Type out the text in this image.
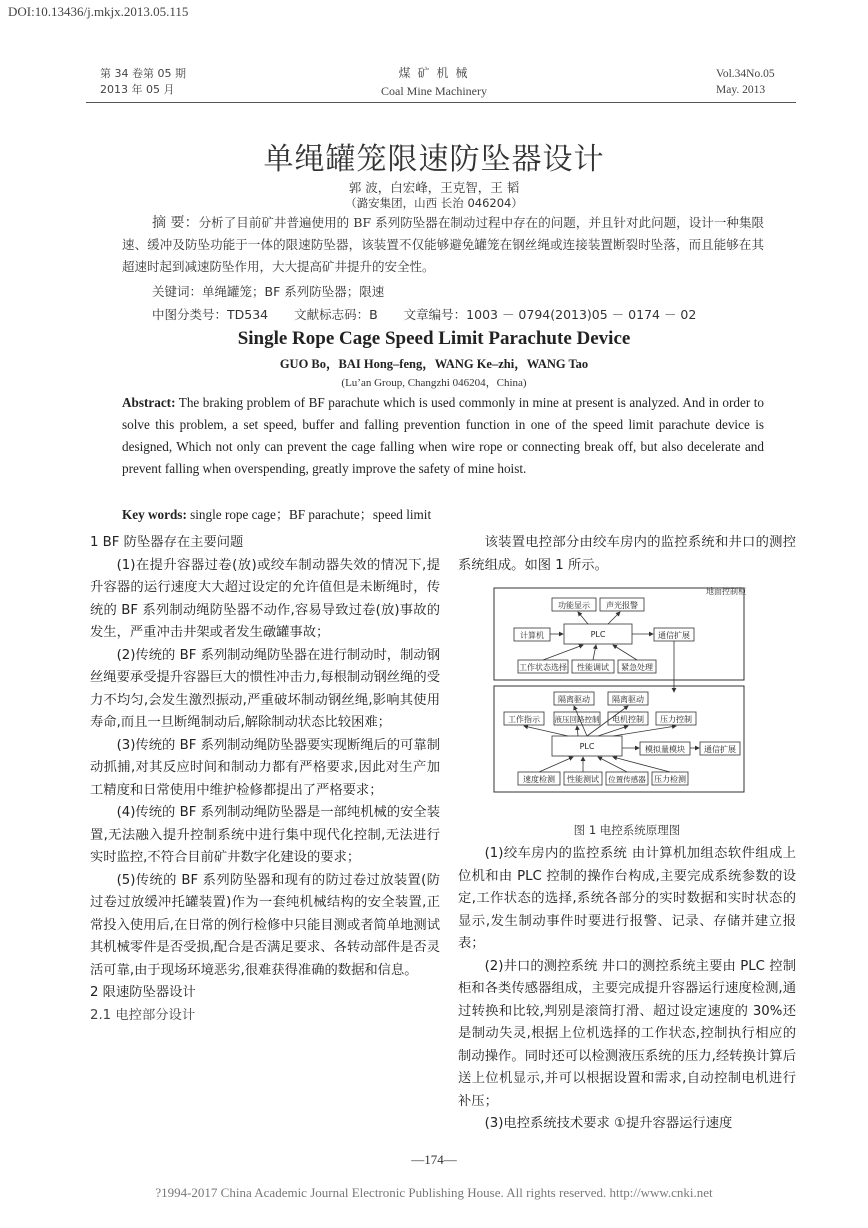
DOI:10.13436/j.mkjx.2013.05.115
第 34 卷第 05 期
2013 年 05 月
煤 矿 机 械
Coal Mine Machinery
Vol.34No.05
May. 2013
单绳罐笼限速防坠器设计
郭 波，白宏峰，王克智，王 韬
（潞安集团，山西 长治 046204）
摘 要：分析了目前矿井普遍使用的 BF 系列防坠器在制动过程中存在的问题，并且针对此问题，设计一种集限速、缓冲及防坠功能于一体的限速防坠器，该装置不仅能够避免罐笼在钢丝绳或连接装置断裂时坠落，而且能够在其超速时起到减速防坠作用，大大提高矿井提升的安全性。
关键词：单绳罐笼；BF 系列防坠器；限速
中图分类号：TD534 文献标志码：B 文章编号：1003 － 0794(2013)05 － 0174 － 02
Single Rope Cage Speed Limit Parachute Device
GUO Bo，BAI Hong–feng，WANG Ke–zhi，WANG Tao
(Lu’an Group, Changzhi 046204，China)
Abstract: The braking problem of BF parachute which is used commonly in mine at present is analyzed. And in order to solve this problem, a set speed, buffer and falling prevention function in one of the speed limit parachute device is designed, Which not only can prevent the cage falling when wire rope or connecting break off, but also decelerate and prevent falling when overspending, greatly improve the safety of mine hoist.
Key words: single rope cage；BF parachute；speed limit

1 BF 防坠器存在主要问题

(1)在提升容器过卷(放)或绞车制动器失效的情况下,提升容器的运行速度大大超过设定的允许值但是未断绳时，传统的 BF 系列制动绳防坠器不动作,容易导致过卷(放)事故的发生，严重冲击井架或者发生礅罐事故；

(2)传统的 BF 系列制动绳防坠器在进行制动时，制动钢丝绳要承受提升容器巨大的惯性冲击力,每根制动钢丝绳的受力不均匀,会发生激烈振动,严重破坏制动钢丝绳,影响其使用寿命,而且一旦断绳制动后,解除制动状态比较困难；

(3)传统的 BF 系列制动绳防坠器要实现断绳后的可靠制动抓捕,对其反应时间和制动力都有严格要求,因此对生产加工精度和日常使用中维护检修都提出了严格要求；

(4)传统的 BF 系列制动绳防坠器是一部纯机械的安全装置,无法融入提升控制系统中进行集中现代化控制,无法进行实时监控,不符合目前矿井数字化建设的要求；

(5)传统的 BF 系列防坠器和现有的防过卷过放装置(防过卷过放缓冲托罐装置)作为一套纯机械结构的安全装置,正常投入使用后,在日常的例行检修中只能目测或者简单地测试其机械零件是否受损,配合是否满足要求、各转动部件是否灵活可靠,由于现场环境恶劣,很难获得准确的数据和信息。

2 限速防坠器设计

2.1 电控部分设计

该装置电控部分由绞车房内的监控系统和井口的测控系统组成。如图 1 所示。

地面控制柜
功能显示 声光报警
计算机	PLC	通信扩展
工作状态选择 性能调试 紧急处理
隔离驱动	隔离驱动
工作指示 液压回路控制 电机控制 压力控制
PLC	模拟量模块 通信扩展
速度检测 性能测试 位置传感器 压力检测
图 1 电控系统原理图

(1)绞车房内的监控系统 由计算机加组态软件组成上位机和由 PLC 控制的操作台构成,主要完成系统参数的设定,工作状态的选择,系统各部分的实时数据和实时状态的显示,发生制动事件时要进行报警、记录、存储并建立报表；

(2)井口的测控系统 井口的测控系统主要由 PLC 控制柜和各类传感器组成，主要完成提升容器运行速度检测,通过转换和比较,判别是滚筒打滑、超过设定速度的 30%还是制动失灵,根据上位机选择的工作状态,控制执行相应的制动操作。同时还可以检测液压系统的压力,经转换计算后送上位机显示,并可以根据设置和需求,自动控制电机进行补压；

(3)电控系统技术要求 ①提升容器运行速度

—174—
?1994-2017 China Academic Journal Electronic Publishing House. All rights reserved. http://www.cnki.net
